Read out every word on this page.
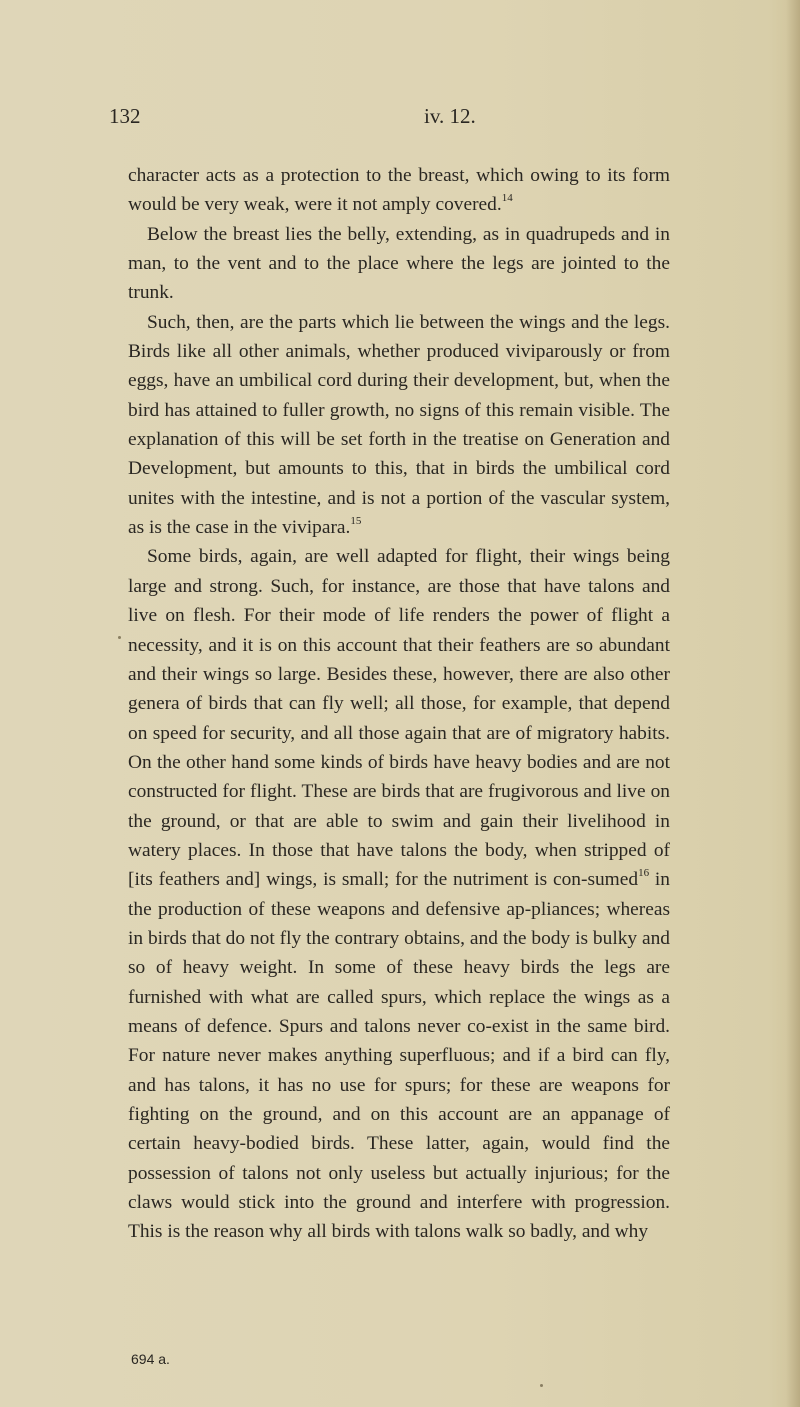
132	iv. 12.

character acts as a protection to the breast, which owing to its form would be very weak, were it not amply covered.$^{14}$

Below the breast lies the belly, extending, as in quadrupeds and in man, to the vent and to the place where the legs are jointed to the trunk.

Such, then, are the parts which lie between the wings and the legs. Birds like all other animals, whether produced viviparously or from eggs, have an umbilical cord during their development, but, when the bird has attained to fuller growth, no signs of this remain visible. The explanation of this will be set forth in the treatise on Generation and Development, but amounts to this, that in birds the umbilical cord unites with the intestine, and is not a portion of the vascular system, as is the case in the vivipara.$^{15}$

Some birds, again, are well adapted for flight, their wings being large and strong. Such, for instance, are those that have talons and live on flesh. For their mode of life renders the power of flight a necessity, and it is on this account that their feathers are so abundant and their wings so large. Besides these, however, there are also other genera of birds that can fly well; all those, for example, that depend on speed for security, and all those again that are of migratory habits. On the other hand some kinds of birds have heavy bodies and are not constructed for flight. These are birds that are frugivorous and live on the ground, or that are able to swim and gain their livelihood in watery places. In those that have talons the body, when stripped of [its feathers and] wings, is small; for the nutriment is con-sumed$^{16}$ in the production of these weapons and defensive ap-pliances; whereas in birds that do not fly the contrary obtains, and the body is bulky and so of heavy weight. In some of these heavy birds the legs are furnished with what are called spurs, which replace the wings as a means of defence. Spurs and talons never co-exist in the same bird. For nature never makes anything superfluous; and if a bird can fly, and has talons, it has no use for spurs; for these are weapons for fighting on the ground, and on this account are an appanage of certain heavy-bodied birds. These latter, again, would find the possession of talons not only useless but actually injurious; for the claws would stick into the ground and interfere with progression. This is the reason why all birds with talons walk so badly, and why

694 a.
